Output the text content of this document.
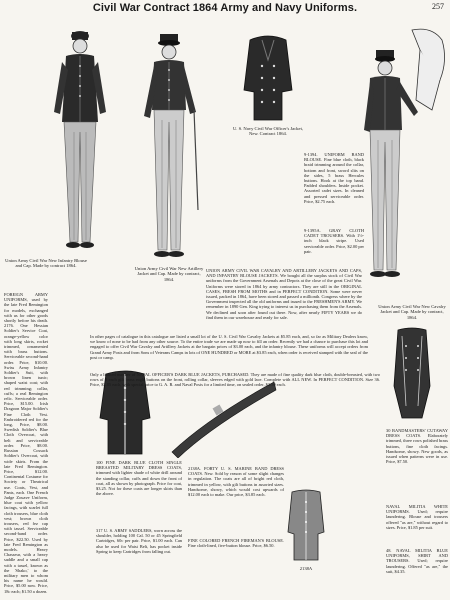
Civil War Contract 1864 Army and Navy Uniforms.	257
2138A
Union Army Civil War New Infantry Blouse and Cap. Made by contract 1864.
Union Army Civil War New Artillery Jacket and Cap. Made by contract, 1864.
U. S. Navy Civil War Officer's Jacket, New. Contract 1864.
Union Army Civil War New Cavalry Jacket and Cap. Made by contract, 1864.
9-1394. UNIFORM BAND BLOUSE. Fine blue cloth, black braid trimming around the collar, bottom and front, sword slits on the sides, 5 brass Hercules buttons. Hook at the top band. Padded shoulders. Inside pocket. Assorted cadet sizes. In cleaned and pressed serviceable order. Price, $2.75 each.
9-1395A. GRAY CLOTH CADET TROUSERS. With 1½-inch black stripe. Used serviceable order. Price, $2.00 per pair.
UNION ARMY CIVIL WAR CAVALRY AND ARTILLERY JACKETS AND CAPS, AND INFANTRY BLOUSE JACKETS. We bought all the surplus stock of Civil War uniforms from the Government Arsenals and Depots at the close of the great Civil War. Uniforms were stored in 1864 by army contractors. They are still in the ORIGINAL CASES, FRESH FROM MOTHS and in PERFECT CONDITION. Some were never issued, packed in 1864, have been stored and passed a millionth. Congress where by the Government inspected all the old uniforms and issued to the FRESHMEN'S ARMY. We remember in 1890 Gen. King trying to interest us in purchasing them from the Arsenals. We declined and soon after found out there. Now, after nearly FIFTY YEARS we do find them in our warehouse and ready for sale.
In other pages of catalogue in this catalogue are listed a small lot of the U. S. Civil War Cavalry Jackets at $5.85 each, and, so far as Military Dealers know, we know of none to be had from any other source. To the entire trade we are made up now to fill an order. Recently we had a chance to purchase this lot and engaged to offer Civil War Cavalry and Artillery Jackets at the bargain prices of $3.00 each, and the infantry blouse. These uniforms will accept orders from Grand Army Posts and from Sons of Veterans Camps in lots of ONE HUNDRED or MORE at $3.85 each, when order is received stamped with the seal of the post or camp.
Only a limited number of NAVAL OFFICER'S DARK BLUE JACKETS, PURCHASED. They are made of fine quality dark blue cloth, double-breasted, with two rows of 9 each gilt brass eagle buttons on the front, rolling collar, sleeves edged with gold lace. Complete with ALL NEW. In PERFECT CONDITION. Size 36. Price, $3.85 each, with special price to G. A. R. and Naval Posts for a limited time, on sealed order, $3.50 each.
FOREIGN ARMY UNIFORMS, used by the late Fred Remington for models, exchanged with us for other goods shortly before his death. 2176. One Hessian Soldier's Service Coat, orange-yellow color with long skirts, rocket trimmed, ornamented with brass buttons. Serviceable second-hand order. Price, $10.00. Swiss Army Infantry Soldier's Suit, with brown linen tunic; shaped waist coat; with red trimming; collar, cuffs; a real Remington relic. Serviceable order. Price, $15.00. Irish Dragoon Major Soldier's Fine Cloth Vest. Embroidered red for the long, Price, $8.00. Swedish Soldier's Blue Cloth Overcoat, with belt and serviceable order. Price, $8.00. Russian Cossack Soldier's Overcoat, with wide skirts. From the late Fred Remington. Price, $12.00. Continental Costume for Society or Theatrical use. Coats, Vest, and Pants, each. One French Judge Zouave Uniform, blue coat with yellow facings, with scarlet full cloth trousers, blue cloth vest; brown cloth trousers, red fez cap with tassel. Serviceable second-hand order. Price, $22.50. Used by late Fred Remington as models. Heavy Chasseur, with a heavy saddle and a small cap with a tassel, known as the 'Shako,' to the military men to whom his name he would. Price, $5.00 now. Price, 18c each; $1.50 a dozen.
30 BANDMASTERS' CUTAWAY DRESS COATS. Elaborately trimmed, three rows polished brass buttons, fine cloth facings. Handsome, showy. New goods, as issued when patterns were in use. Price, $7.50.
NAVAL MILITIA WHITE UNIFORMS. Used; require laundering. Blouse and trousers offered "as are," without regard to sizes. Price, $1.85 per suit.
48. NAVAL MILITIA BLUE UNIFORMS, SHIRT AND TROUSERS. Used; require laundering. Offered "as are," the suit, $4.35.
100 FINE DARK BLUE CLOTH SINGLE BREASTED MILITARY DRESS COATS, trimmed with lighter shade of white drill around the standing collar, cuffs and down the front of coat, all as shown by photograph. Price for coat, $3.25. Not for these coats are longer skirts than the above.
317 U. S. ARMY SADDLERS, worn across the shoulder, holding 100 Cal. 50 or 45 Springfield Cartridges, 60c per pair. Price, $1.00 each. Can also be used for Waist Belt, has pocket inside Spring to keep Cartridges from falling out.
2138A. FORTY U. S. MARINE BAND DRESS COATS. New. Sold by reason of some slight changes in regulation. The coats are all of bright red cloth, trimmed in yellow, with gilt buttons in assorted sizes. Handsome, showy, which would cost upwards of $12.00 each to make. Our price, $3.85 each.
FINE COLORED FRENCH FIREMAN'S BLOUSE. Fine cloth-lined, five-button blouse. Price, $6.50.
